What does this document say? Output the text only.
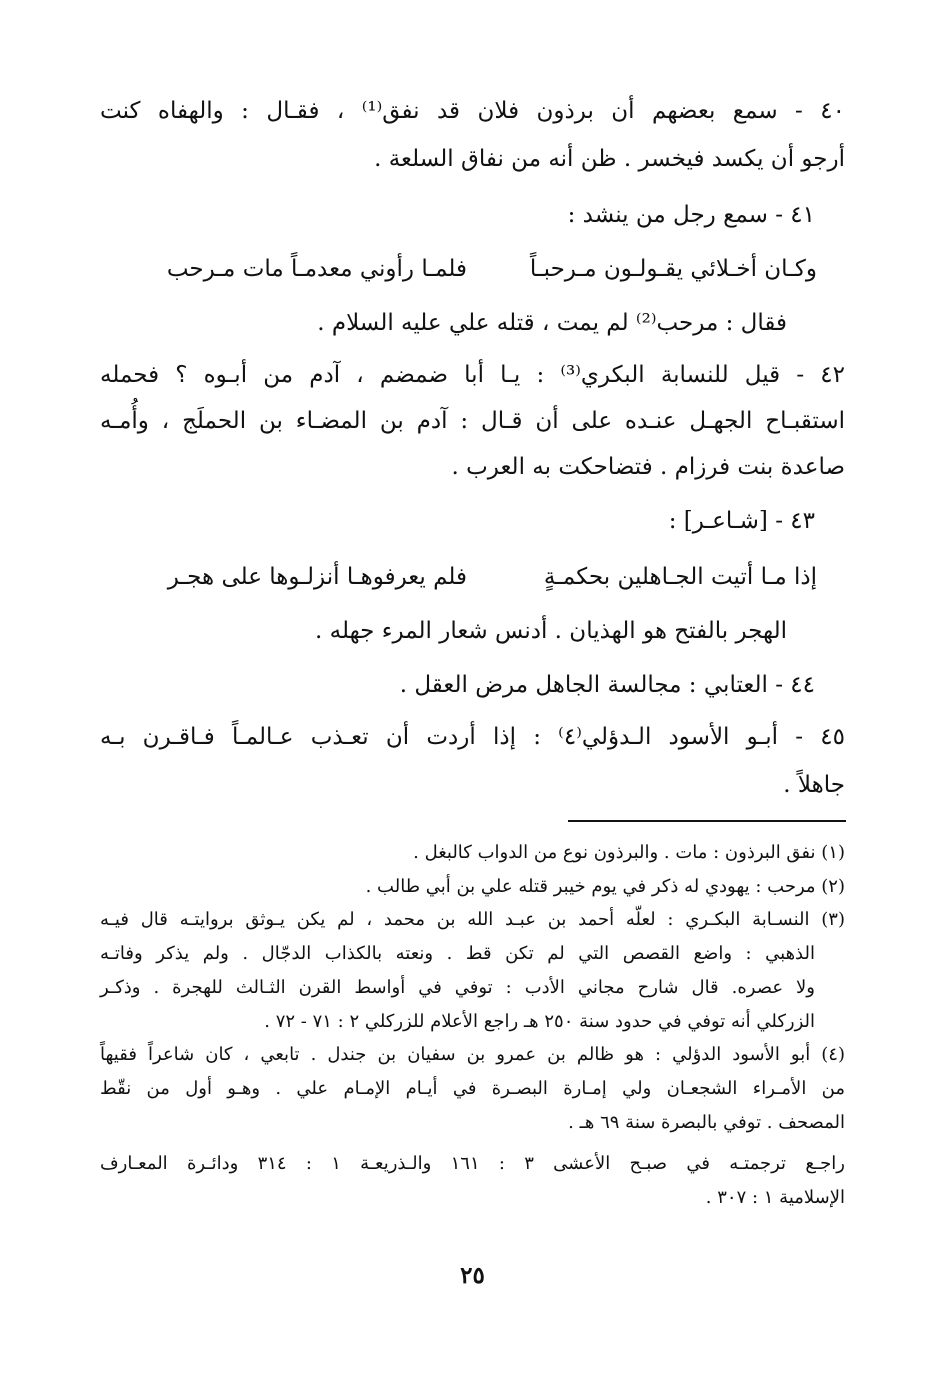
٤٠ - سمع بعضهم أن برذون فلان قد نفق⁽¹⁾ ، فقـال : والهفاه كنت
أرجو أن يكسد فيخسر . ظن أنه من نفاق السلعة .
٤١ - سمع رجل من ينشد :
وكـان أخـلائي يقـولـون مـرحبـاً
فلمـا رأوني معدمـاً مات مـرحب
فقال : مرحب⁽²⁾ لم يمت ، قتله علي عليه السلام .
٤٢ - قيل للنسابة البكري⁽³⁾ : يـا أبا ضمضم ، آدم من أبـوه ؟ فحمله
استقبـاح الجهـل عنـده على أن قـال : آدم بن المضـاء بن الحملَج ، وأُمـه
صاعدة بنت فرزام . فتضاحكت به العرب .
٤٣ - [شـاعـر] :
إذا مـا أتيت الجـاهلين بحكمـةٍ
فلم يعرفوهـا أنزلـوها على هجـر
الهجر بالفتح هو الهذيان . أدنس شعار المرء جهله .
٤٤ - العتابي : مجالسة الجاهل مرض العقل .
٤٥ - أبـو الأسود الـدؤلي⁽٤⁾ : إذا أردت أن تعـذب عـالمـاً فـاقـرن بـه
جاهلاً .
(١) نفق البرذون : مات . والبرذون نوع من الدواب كالبغل .
(٢) مرحب : يهودي له ذكر في يوم خيبر قتله علي بن أبي طالب .
(٣) النسـابة البكـري : لعلّه أحمد بن عبـد الله بن محمد ، لم يكن يـوثق بروايتـه قال فيـه
الذهبي : واضع القصص التي لم تكن قط . ونعته بالكذاب الدجّال . ولم يذكر وفاتـه
ولا عصره. قال شارح مجاني الأدب : توفي في أواسط القرن الثـالث للهجرة . وذكـر
الزركلي أنه توفي في حدود سنة ٢٥٠ هـ راجع الأعلام للزركلي ٢ : ٧١ - ٧٢ .
(٤) أبو الأسود الدؤلي : هو ظالم بن عمرو بن سفيان بن جندل . تابعي ، كان شاعراً فقيهاً
من الأمـراء الشجعـان ولي إمـارة البصـرة في أيـام الإمـام علي . وهـو أول من نقّط
المصحف . توفي بالبصرة سنة ٦٩ هـ .
راجـع ترجمتـه في صبـح الأعشى ٣ : ١٦١ والـذريعـة ١ : ٣١٤ ودائـرة المعـارف
الإسلامية ١ : ٣٠٧ .
٢٥
